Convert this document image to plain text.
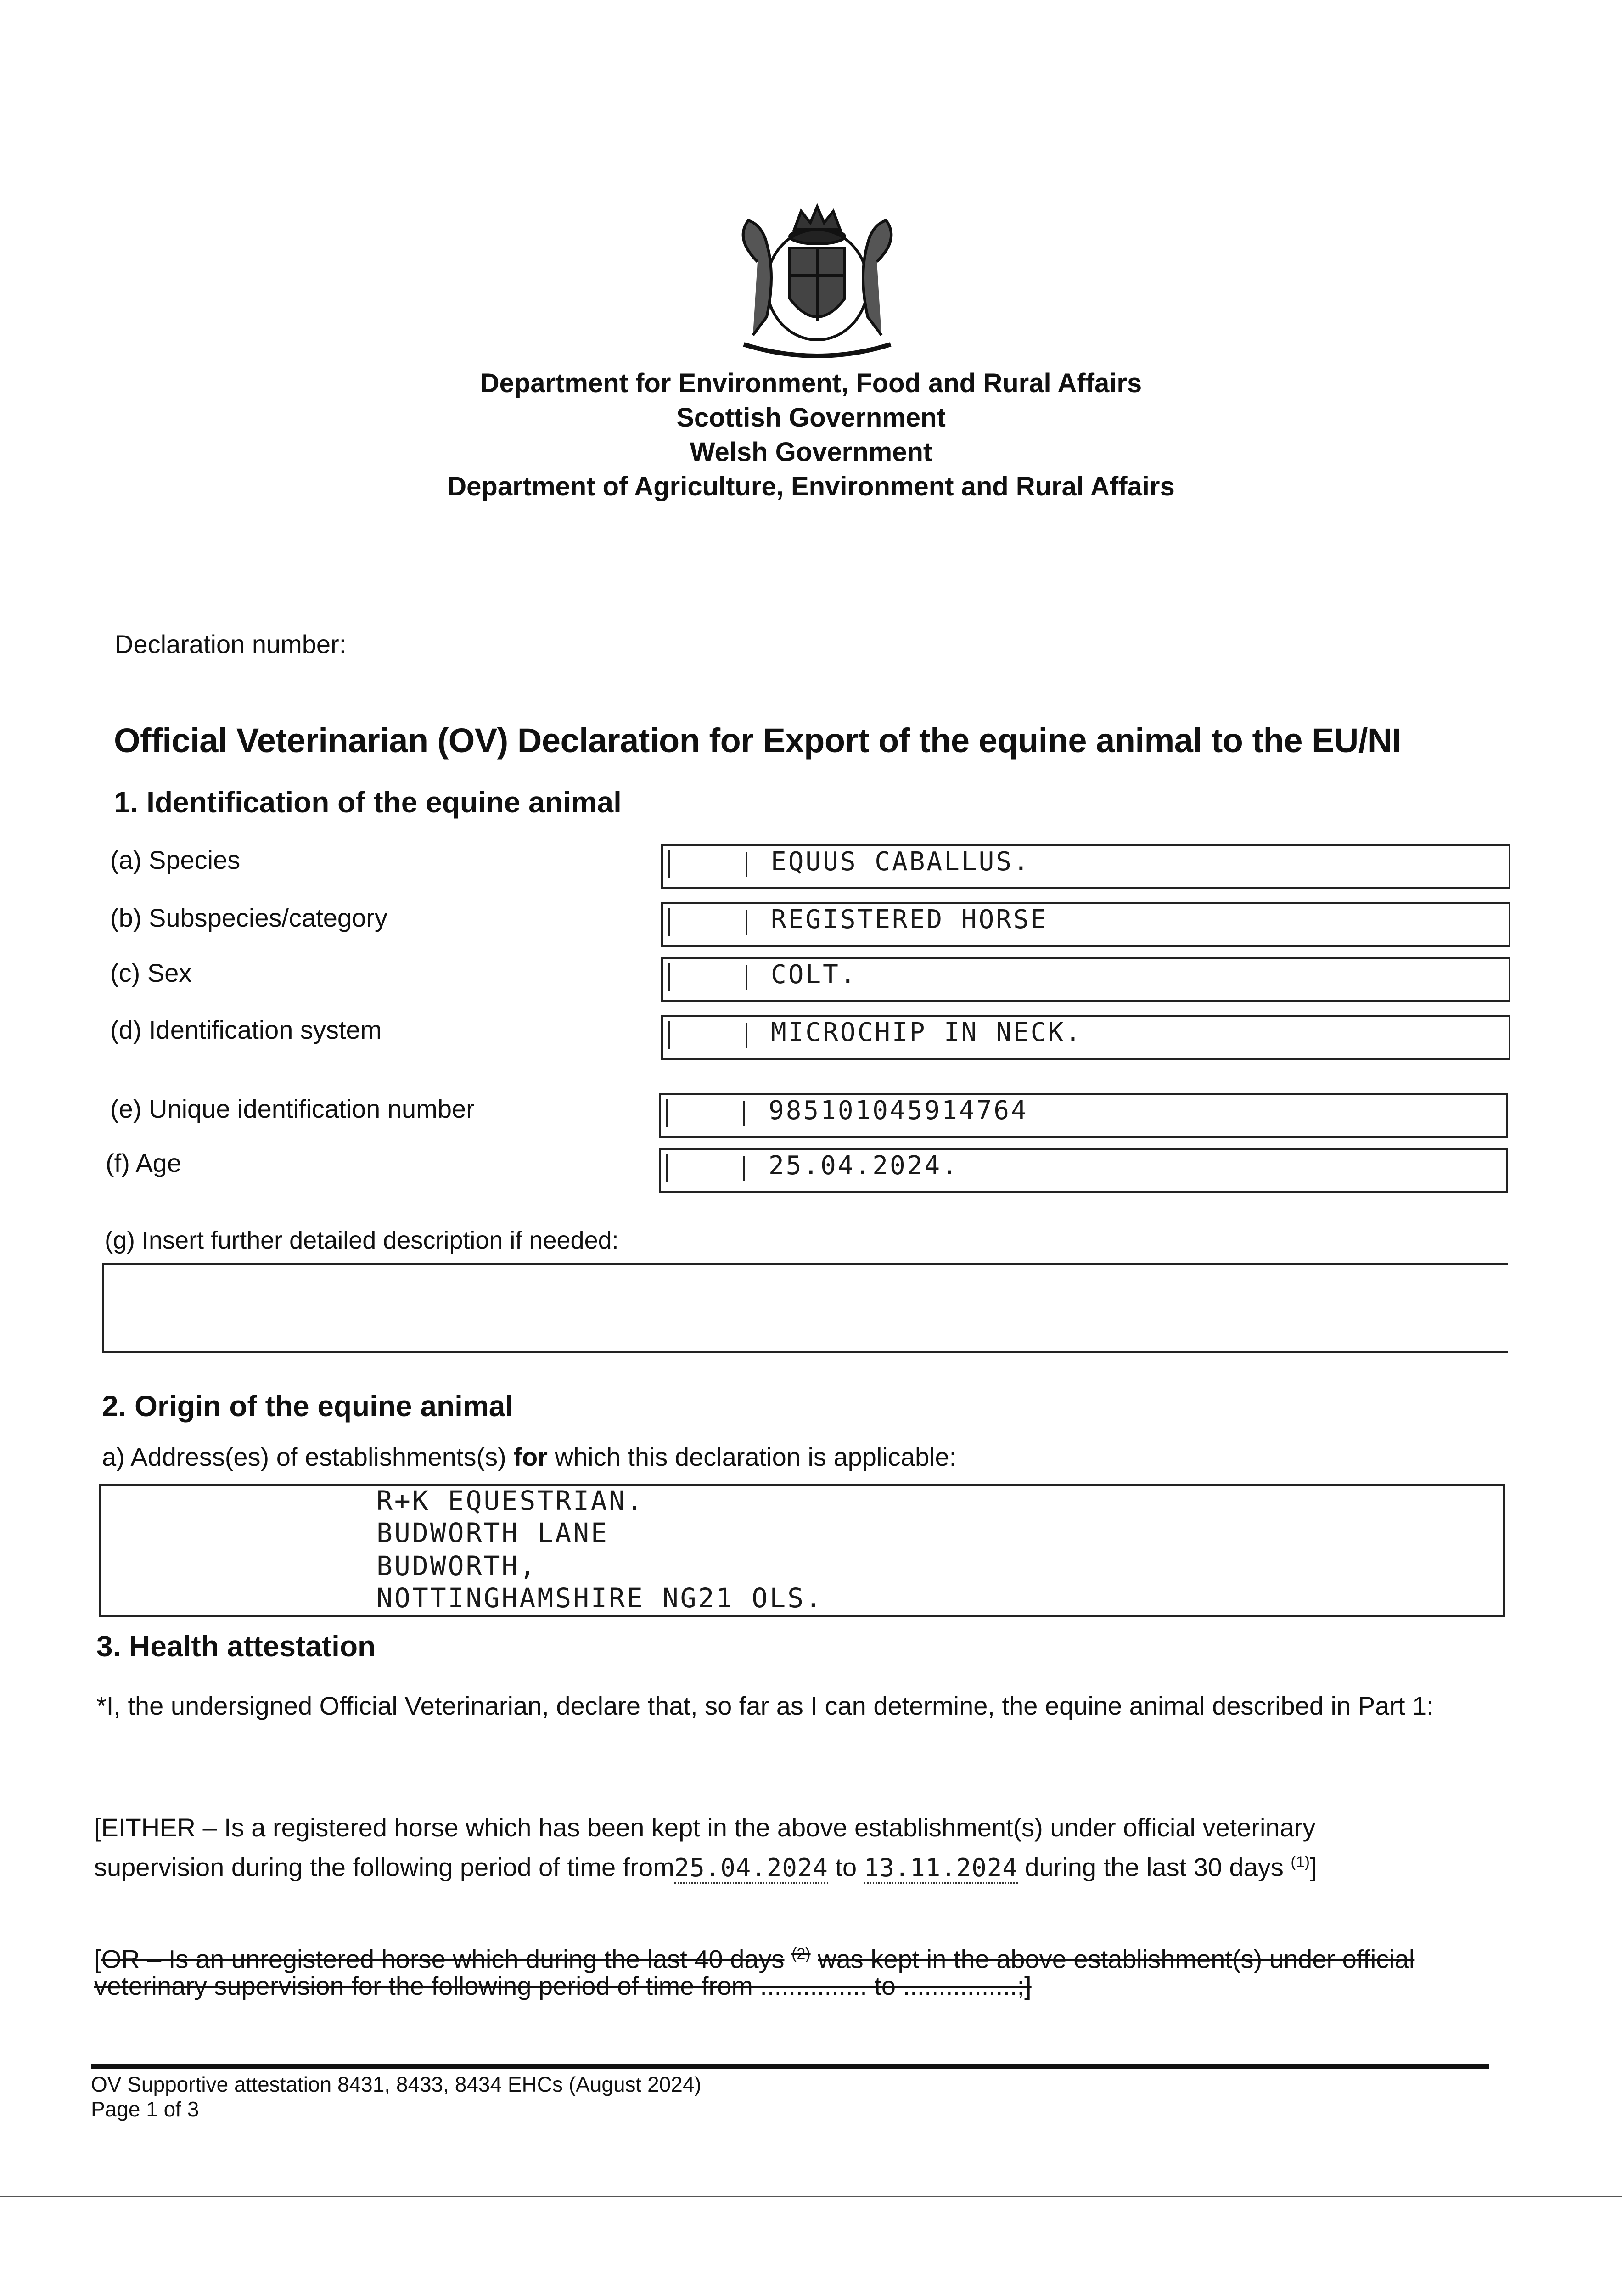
Department for Environment, Food and Rural Affairs
Scottish Government
Welsh Government
Department of Agriculture, Environment and Rural Affairs
Declaration number:
Official Veterinarian (OV) Declaration for Export of the equine animal to the EU/NI
1. Identification of the equine animal
(a) Species	EQUUS CABALLUS.
(b) Subspecies/category	REGISTERED HORSE
(c) Sex	COLT.
(d) Identification system	MICROCHIP IN NECK.
(e) Unique identification number	985101045914764
(f) Age	25.04.2024.
(g) Insert further detailed description if needed:
2. Origin of the equine animal
a) Address(es) of establishments(s) for which this declaration is applicable:
R+K EQUESTRIAN.
BUDWORTH LANE
BUDWORTH,
NOTTINGHAMSHIRE NG21 OLS.
3. Health attestation
*I, the undersigned Official Veterinarian, declare that, so far as I can determine, the equine animal described in Part 1:
[EITHER – Is a registered horse which has been kept in the above establishment(s) under official veterinary
supervision during the following period of time from25.04.2024 to 13.11.2024 during the last 30 days $^{(1)}$]
[OR – Is an unregistered horse which during the last 40 days $^{(2)}$ was kept in the above establishment(s) under official
veterinary supervision for the following period of time from ............... to ................;]
OV Supportive attestation 8431, 8433, 8434 EHCs (August 2024)
Page 1 of 3
